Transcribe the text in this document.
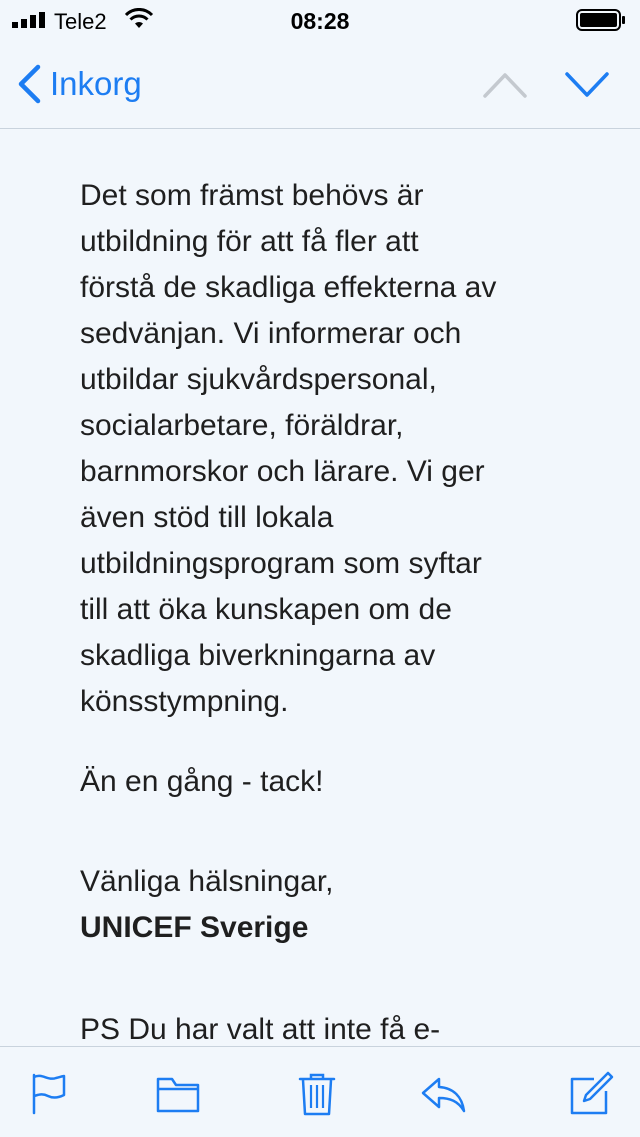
Tele2	08:28
Inkorg
Det som främst behövs är
utbildning för att få fler att
förstå de skadliga effekterna av
sedvänjan. Vi informerar och
utbildar sjukvårdspersonal,
socialarbetare, föräldrar,
barnmorskor och lärare. Vi ger
även stöd till lokala
utbildningsprogram som syftar
till att öka kunskapen om de
skadliga biverkningarna av
könsstympning.
Än en gång - tack!
Vänliga hälsningar,
UNICEF Sverige
PS Du har valt att inte få e-
